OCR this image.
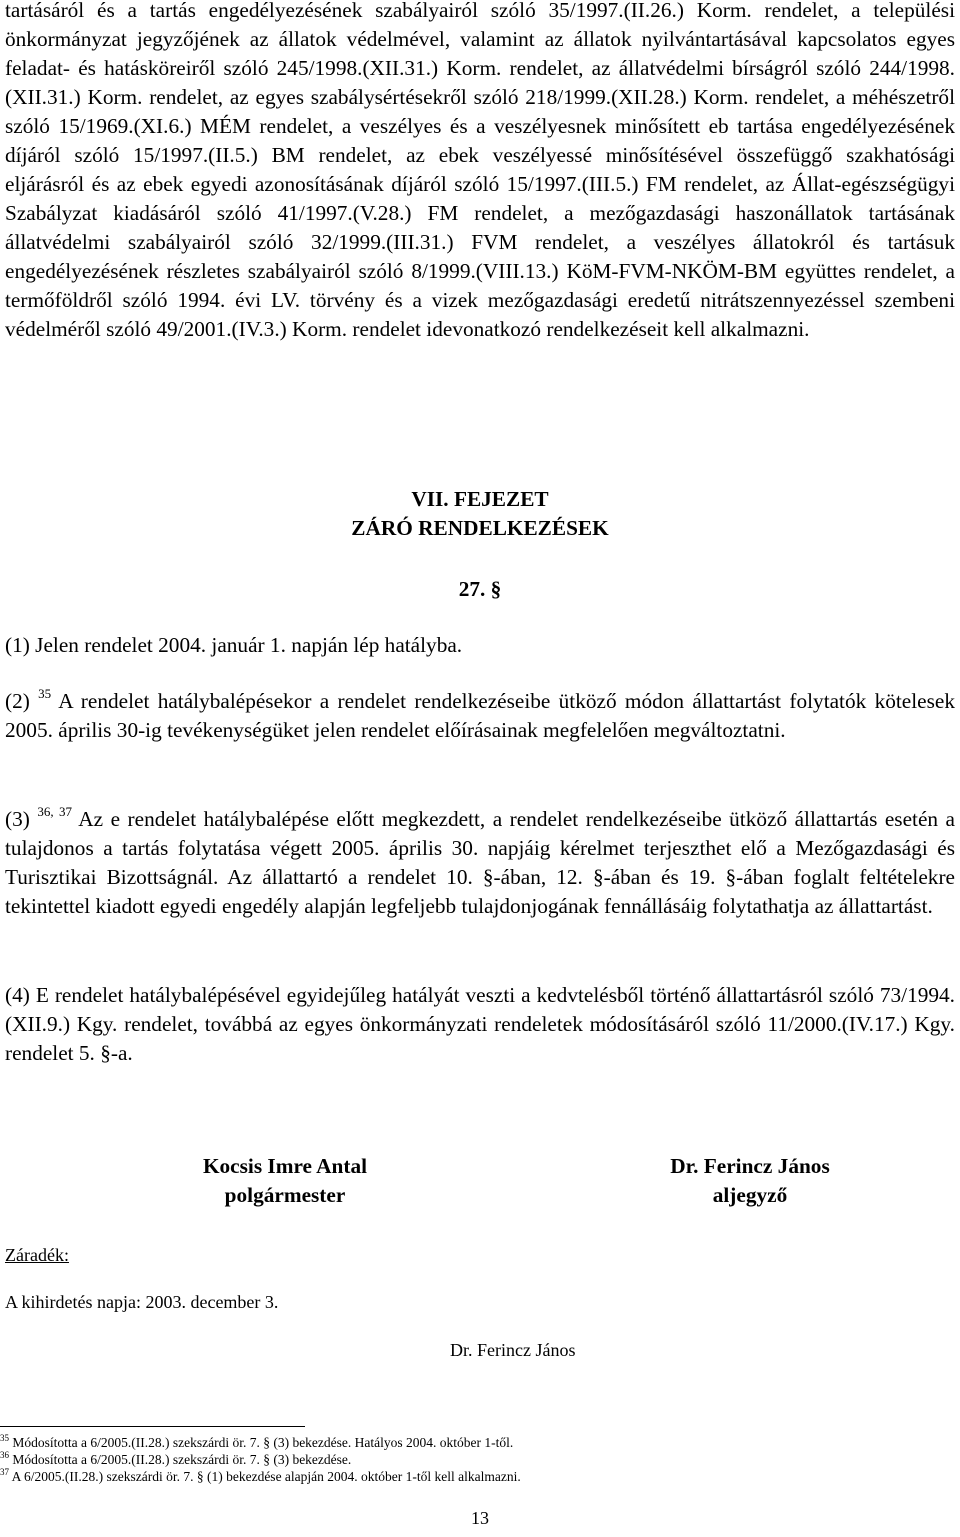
tartásáról és a tartás engedélyezésének szabályairól szóló 35/1997.(II.26.) Korm. rendelet, a települési önkormányzat jegyzőjének az állatok védelmével, valamint az állatok nyilvántartásával kapcsolatos egyes feladat- és hatásköreiről szóló 245/1998.(XII.31.) Korm. rendelet, az állatvédelmi bírságról szóló 244/1998.(XII.31.) Korm. rendelet, az egyes szabálysértésekről szóló 218/1999.(XII.28.) Korm. rendelet, a méhészetről szóló 15/1969.(XI.6.) MÉM rendelet, a veszélyes és a veszélyesnek minősített eb tartása engedélyezésének díjáról szóló 15/1997.(II.5.) BM rendelet, az ebek veszélyessé minősítésével összefüggő szakhatósági eljárásról és az ebek egyedi azonosításának díjáról szóló 15/1997.(III.5.) FM rendelet, az Állat-egészségügyi Szabályzat kiadásáról szóló 41/1997.(V.28.) FM rendelet, a mezőgazdasági haszonállatok tartásának állatvédelmi szabályairól szóló 32/1999.(III.31.) FVM rendelet, a veszélyes állatokról és tartásuk engedélyezésének részletes szabályairól szóló 8/1999.(VIII.13.) KöM-FVM-NKÖM-BM együttes rendelet, a termőföldről szóló 1994. évi LV. törvény és a vizek mezőgazdasági eredetű nitrátszennyezéssel szembeni védelméről szóló 49/2001.(IV.3.) Korm. rendelet idevonatkozó rendelkezéseit kell alkalmazni.

VII. FEJEZET
ZÁRÓ RENDELKEZÉSEK
27. §

(1) Jelen rendelet 2004. január 1. napján lép hatályba.

(2) $^{35}$ A rendelet hatálybalépésekor a rendelet rendelkezéseibe ütköző módon állattartást folytatók kötelesek 2005. április 30-ig tevékenységüket jelen rendelet előírásainak megfelelően megváltoztatni.

(3) $^{36, 37}$ Az e rendelet hatálybalépése előtt megkezdett, a rendelet rendelkezéseibe ütköző állattartás esetén a tulajdonos a tartás folytatása végett 2005. április 30. napjáig kérelmet terjeszthet elő a Mezőgazdasági és Turisztikai Bizottságnál. Az állattartó a rendelet 10. §-ában, 12. §-ában és 19. §-ában foglalt feltételekre tekintettel kiadott egyedi engedély alapján legfeljebb tulajdonjogának fennállásáig folytathatja az állattartást.

(4) E rendelet hatálybalépésével egyidejűleg hatályát veszti a kedvtelésből történő állattartásról szóló 73/1994.(XII.9.) Kgy. rendelet, továbbá az egyes önkormányzati rendeletek módosításáról szóló 11/2000.(IV.17.) Kgy. rendelet 5. §-a.

Kocsis Imre Antal
polgármester
Dr. Ferincz János
aljegyző
Záradék:
A kihirdetés napja: 2003. december 3.
Dr. Ferincz János
$^{35}$ Módosította a 6/2005.(II.28.) szekszárdi ör. 7. § (3) bekezdése. Hatályos 2004. október 1-től.
$^{36}$ Módosította a 6/2005.(II.28.) szekszárdi ör. 7. § (3) bekezdése.
$^{37}$ A 6/2005.(II.28.) szekszárdi ör. 7. § (1) bekezdése alapján 2004. október 1-től kell alkalmazni.
13
